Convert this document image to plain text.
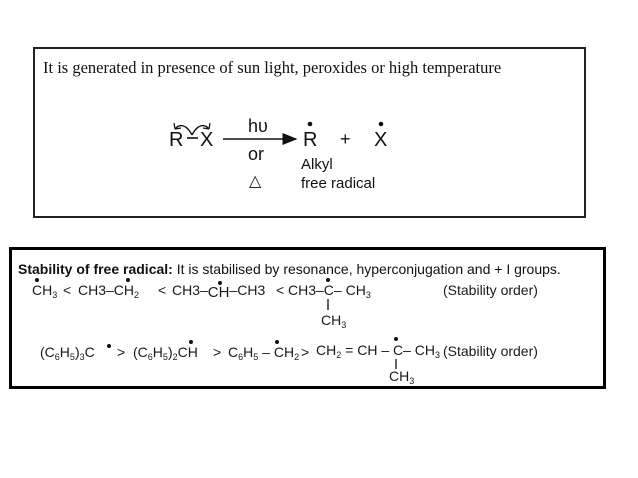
It is generated in presence of sun light, peroxides or high temperature
R X
hυ
or
△
R + X
Alkyl
free radical
Stability of free radical: It is stabilised by resonance, hyperconjugation and + I groups.
$CH_3 < CH3-CH_2 < CH3-CH-CH3 < CH3-C-$ $CH_3$
$CH_3$
(Stability order)
$(C_6H_5)_3C > (C_6H_5)_2CH > C_6H_5 - CH_2 > CH_2$ = CH – C– $CH_3$
$CH_3$
(Stability order)
